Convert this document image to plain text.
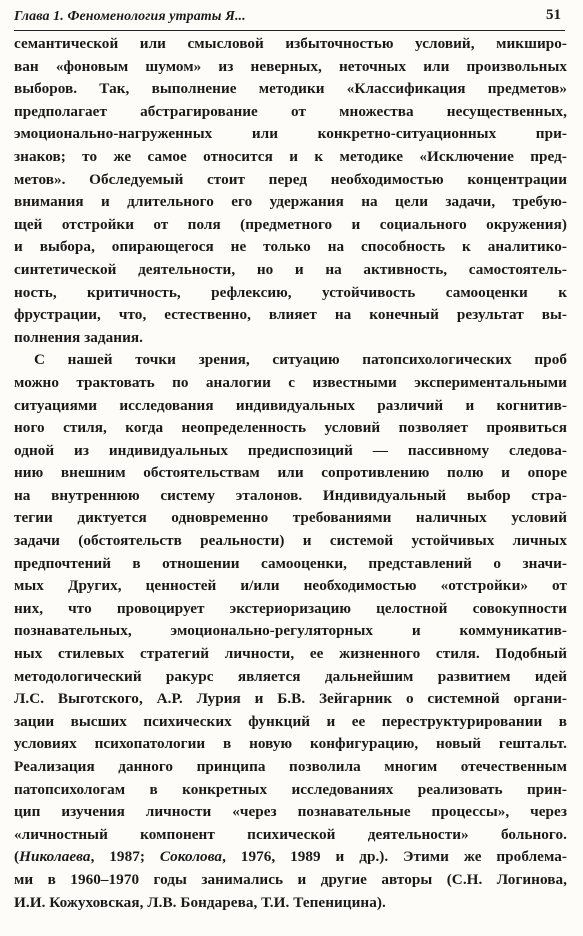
Глава 1. Феноменология утраты Я...	51
семантической или смысловой избыточностью условий, микширо-
ван «фоновым шумом» из неверных, неточных или произвольных
выборов. Так, выполнение методики «Классификация предметов»
предполагает абстрагирование от множества несущественных,
эмоционально-нагруженных или конкретно-ситуационных при-
знаков; то же самое относится и к методике «Исключение пред-
метов». Обследуемый стоит перед необходимостью концентрации
внимания и длительного его удержания на цели задачи, требую-
щей отстройки от поля (предметного и социального окружения)
и выбора, опирающегося не только на способность к аналитико-
синтетической деятельности, но и на активность, самостоятель-
ность, критичность, рефлексию, устойчивость самооценки к
фрустрации, что, естественно, влияет на конечный результат вы-
полнения задания.
С нашей точки зрения, ситуацию патопсихологических проб
можно трактовать по аналогии с известными экспериментальными
ситуациями исследования индивидуальных различий и когнитив-
ного стиля, когда неопределенность условий позволяет проявиться
одной из индивидуальных предиспозиций — пассивному следова-
нию внешним обстоятельствам или сопротивлению полю и опоре
на внутреннюю систему эталонов. Индивидуальный выбор стра-
тегии диктуется одновременно требованиями наличных условий
задачи (обстоятельств реальности) и системой устойчивых личных
предпочтений в отношении самооценки, представлений о значи-
мых Других, ценностей и/или необходимостью «отстройки» от
них, что провоцирует экстериоризацию целостной совокупности
познавательных, эмоционально-регуляторных и коммуникатив-
ных стилевых стратегий личности, ее жизненного стиля. Подобный
методологический ракурс является дальнейшим развитием идей
Л.С. Выготского, А.Р. Лурия и Б.В. Зейгарник о системной органи-
зации высших психических функций и ее переструктурировании в
условиях психопатологии в новую конфигурацию, новый гештальт.
Реализация данного принципа позволила многим отечественным
патопсихологам в конкретных исследованиях реализовать прин-
цип изучения личности «через познавательные процессы», через
«личностный компонент психической деятельности» больного.
(Николаева, 1987; Соколова, 1976, 1989 и др.). Этими же проблема-
ми в 1960–1970 годы занимались и другие авторы (С.Н. Логинова,
И.И. Кожуховская, Л.В. Бондарева, Т.И. Тепеницина).
